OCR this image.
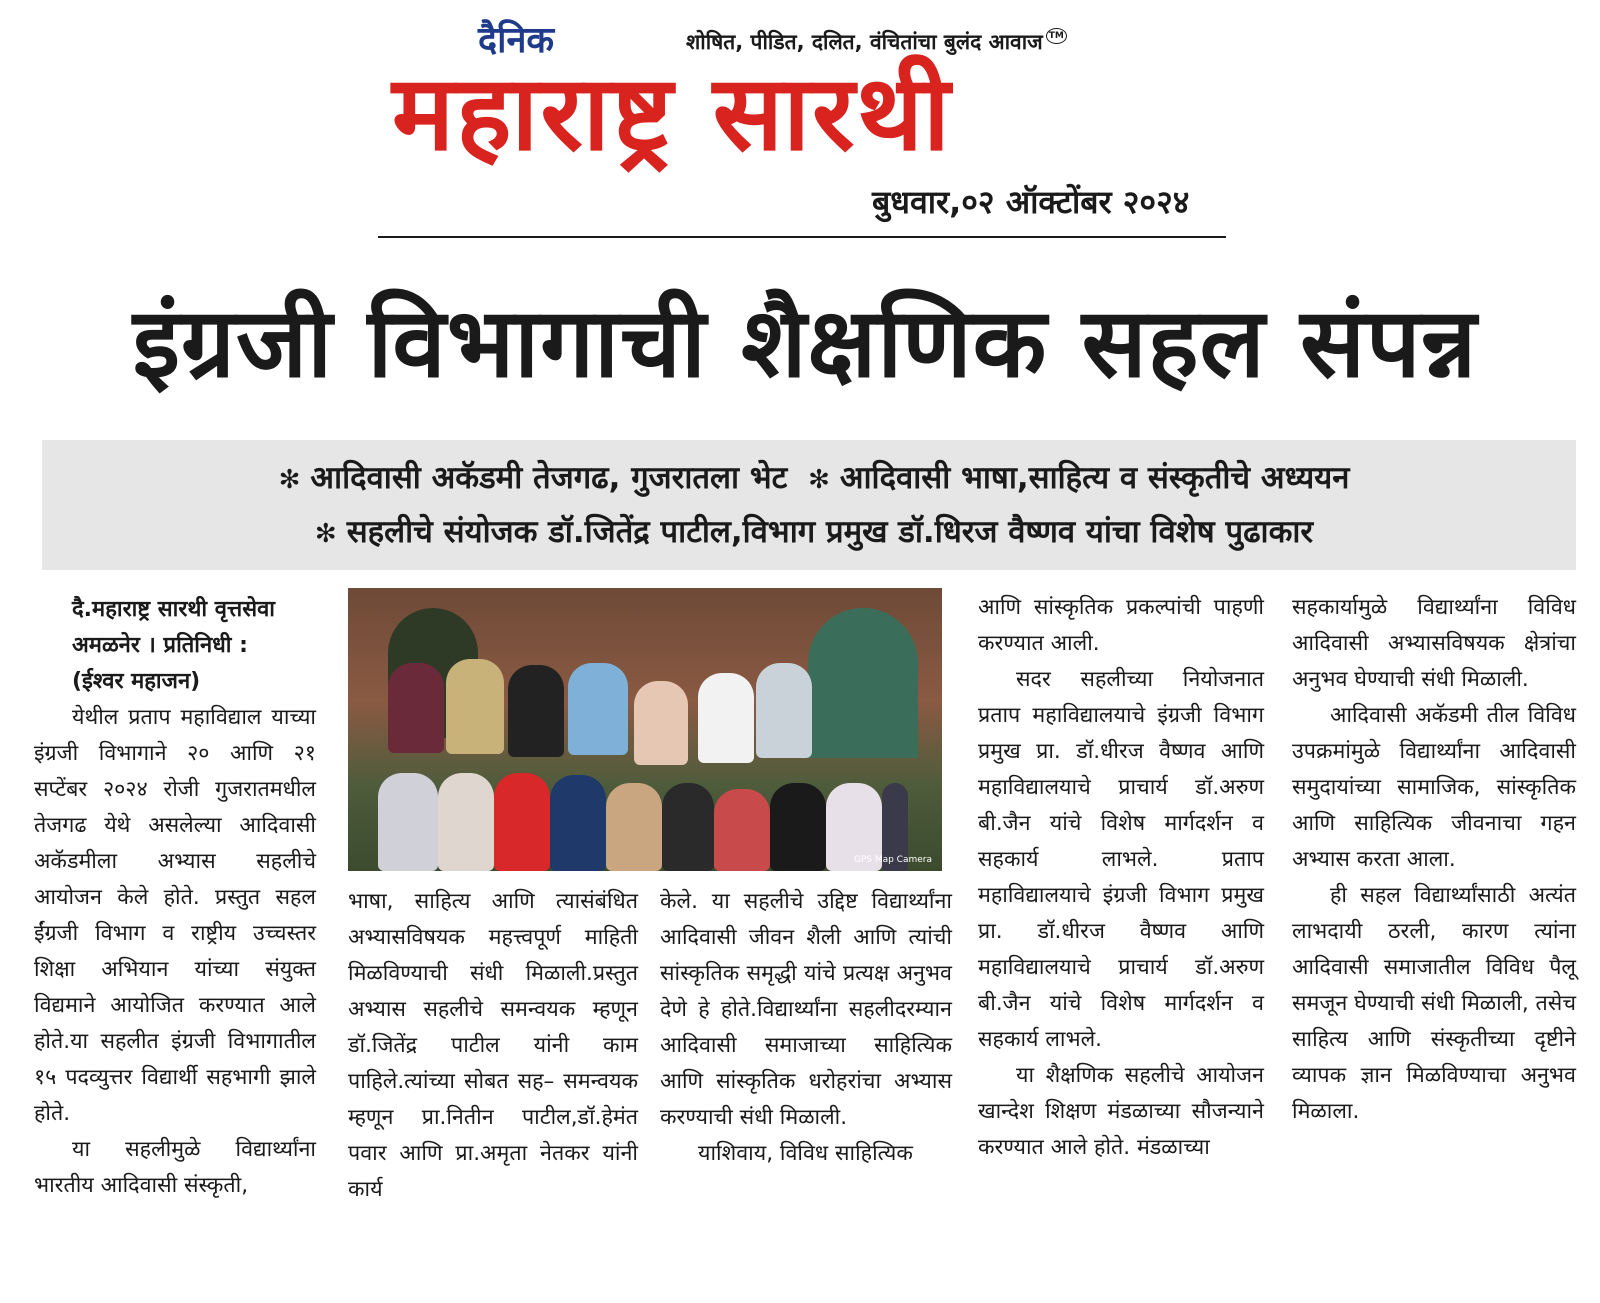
दैनिक	शोषित, पीडित, दलित, वंचितांचा बुलंद आवाज TM
महाराष्ट्र सारथी
बुधवार,०२ ऑक्टोंबर २०२४
इंग्रजी विभागाची शैक्षणिक सहल संपन्न
✻ आदिवासी अकॅडमी तेजगढ, गुजरातला भेट ✻ आदिवासी भाषा,साहित्य व संस्कृतीचे अध्ययन
✻ सहलीचे संयोजक डॉ.जितेंद्र पाटील,विभाग प्रमुख डॉ.धिरज वैष्णव यांचा विशेष पुढाकार
दै.महाराष्ट्र सारथी वृत्तसेवा
अमळनेर । प्रतिनिधी :
(ईश्वर महाजन)

येथील प्रताप महाविद्याल याच्या इंग्रजी विभागाने २० आणि २१ सप्टेंबर २०२४ रोजी गुजरातमधील तेजगढ येथे असलेल्या आदिवासी अकॅडमीला अभ्यास सहलीचे आयोजन केले होते. प्रस्तुत सहल ईंग्रजी विभाग व राष्ट्रीय उच्चस्तर शिक्षा अभियान यांच्या संयुक्त विद्यमाने आयोजित करण्यात आले होते.या सहलीत इंग्रजी विभागातील १५ पदव्युत्तर विद्यार्थी सहभागी झाले होते.

या सहलीमुळे विद्यार्थ्यांना भारतीय आदिवासी संस्कृती,

GPS Map Camera

भाषा, साहित्य आणि त्यासंबंधित अभ्यासविषयक महत्त्वपूर्ण माहिती मिळविण्याची संधी मिळाली.प्रस्तुत अभ्यास सहलीचे समन्वयक म्हणून डॉ.जितेंद्र पाटील यांनी काम पाहिले.त्यांच्या सोबत सह– समन्वयक म्हणून प्रा.नितीन पाटील,डॉ.हेमंत पवार आणि प्रा.अमृता नेतकर यांनी कार्य

केले. या सहलीचे उद्दिष्ट विद्यार्थ्यांना आदिवासी जीवन शैली आणि त्यांची सांस्कृतिक समृद्धी यांचे प्रत्यक्ष अनुभव देणे हे होते.विद्यार्थ्यांना सहलीदरम्यान आदिवासी समाजाच्या साहित्यिक आणि सांस्कृतिक धरोहरांचा अभ्यास करण्याची संधी मिळाली.

याशिवाय, विविध साहित्यिक

आणि सांस्कृतिक प्रकल्पांची पाहणी करण्यात आली.

सदर सहलीच्या नियोजनात प्रताप महाविद्यालयाचे इंग्रजी विभाग प्रमुख प्रा. डॉ.धीरज वैष्णव आणि महाविद्यालयाचे प्राचार्य डॉ.अरुण बी.जैन यांचे विशेष मार्गदर्शन व सहकार्य लाभले. प्रताप महाविद्यालयाचे इंग्रजी विभाग प्रमुख प्रा. डॉ.धीरज वैष्णव आणि महाविद्यालयाचे प्राचार्य डॉ.अरुण बी.जैन यांचे विशेष मार्गदर्शन व सहकार्य लाभले.

या शैक्षणिक सहलीचे आयोजन खान्देश शिक्षण मंडळाच्या सौजन्याने करण्यात आले होते. मंडळाच्या

सहकार्यामुळे विद्यार्थ्यांना विविध आदिवासी अभ्यासविषयक क्षेत्रांचा अनुभव घेण्याची संधी मिळाली.

आदिवासी अकॅडमी तील विविध उपक्रमांमुळे विद्यार्थ्यांना आदिवासी समुदायांच्या सामाजिक, सांस्कृतिक आणि साहित्यिक जीवनाचा गहन अभ्यास करता आला.

ही सहल विद्यार्थ्यांसाठी अत्यंत लाभदायी ठरली, कारण त्यांना आदिवासी समाजातील विविध पैलू समजून घेण्याची संधी मिळाली, तसेच साहित्य आणि संस्कृतीच्या दृष्टीने व्यापक ज्ञान मिळविण्याचा अनुभव मिळाला.
